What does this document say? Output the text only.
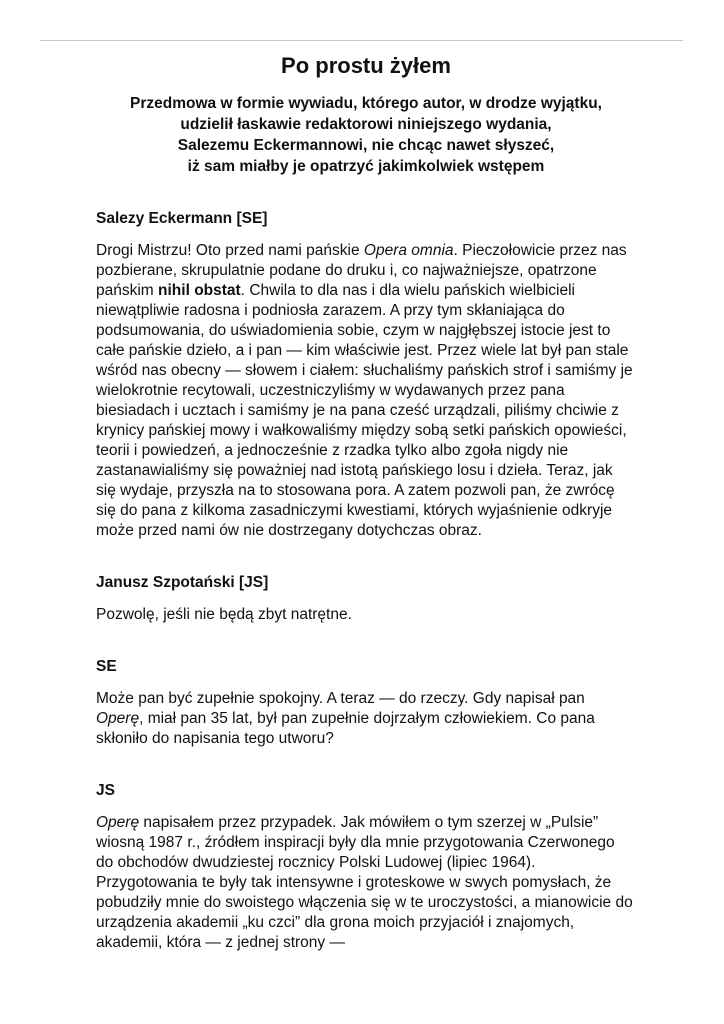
Po prostu żyłem

Przedmowa w formie wywiadu, którego autor, w drodze wyjątku,
udzielił łaskawie redaktorowi niniejszego wydania,
Salezemu Eckermannowi, nie chcąc nawet słyszeć,
iż sam miałby je opatrzyć jakimkolwiek wstępem

Salezy Eckermann [SE]

Drogi Mistrzu! Oto przed nami pańskie Opera omnia. Pieczołowicie przez nas pozbierane, skrupulatnie podane do druku i, co najważniejsze, opatrzone pańskim nihil obstat. Chwila to dla nas i dla wielu pańskich wielbicieli niewątpliwie radosna i podniosła zarazem. A przy tym skłaniająca do podsumowania, do uświadomienia sobie, czym w najgłębszej istocie jest to całe pańskie dzieło, a i pan — kim właściwie jest. Przez wiele lat był pan stale wśród nas obecny — słowem i ciałem: słuchaliśmy pańskich strof i samiśmy je wielokrotnie recytowali, uczestniczyliśmy w wydawanych przez pana biesiadach i ucztach i samiśmy je na pana cześć urządzali, piliśmy chciwie z krynicy pańskiej mowy i wałkowaliśmy między sobą setki pańskich opowieści, teorii i powiedzeń, a jednocześnie z rzadka tylko albo zgoła nigdy nie zastanawialiśmy się poważniej nad istotą pańskiego losu i dzieła. Teraz, jak się wydaje, przyszła na to stosowana pora. A zatem pozwoli pan, że zwrócę się do pana z kilkoma zasadniczymi kwestiami, których wyjaśnienie odkryje może przed nami ów nie dostrzegany dotychczas obraz.

Janusz Szpotański [JS]

Pozwolę, jeśli nie będą zbyt natrętne.

SE

Może pan być zupełnie spokojny. A teraz — do rzeczy. Gdy napisał pan Operę, miał pan 35 lat, był pan zupełnie dojrzałym człowiekiem. Co pana skłoniło do napisania tego utworu?

JS

Operę napisałem przez przypadek. Jak mówiłem o tym szerzej w „Pulsie” wiosną 1987 r., źródłem inspiracji były dla mnie przygotowania Czerwonego do obchodów dwudziestej rocznicy Polski Ludowej (lipiec 1964). Przygotowania te były tak intensywne i groteskowe w swych pomysłach, że pobudziły mnie do swoistego włączenia się w te uroczystości, a mianowicie do urządzenia akademii „ku czci” dla grona moich przyjaciół i znajomych, akademii, która — z jednej strony —
